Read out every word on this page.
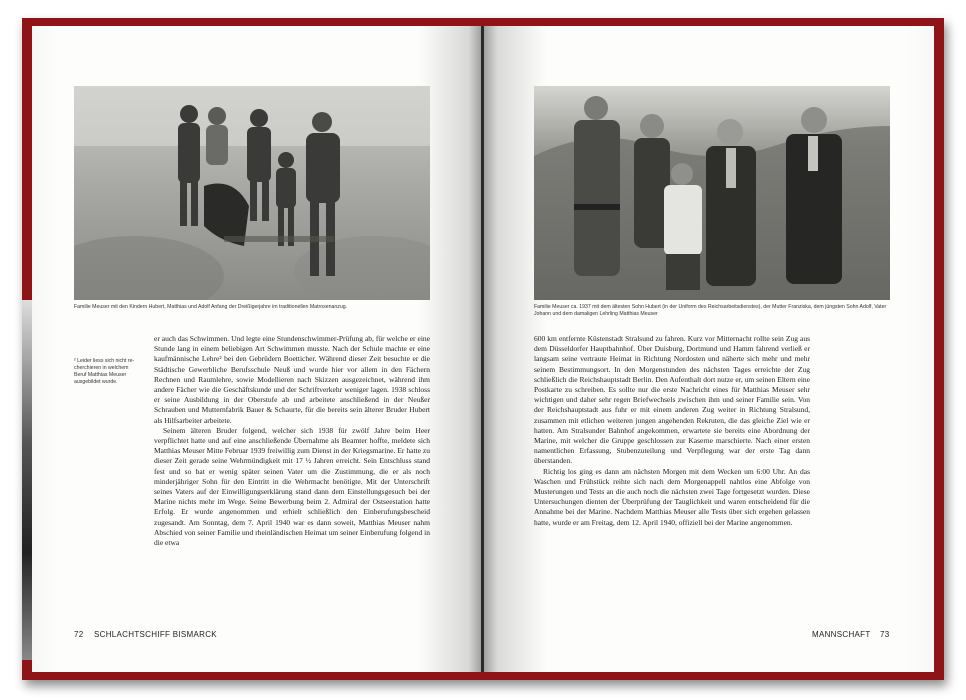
Familie Meuser mit den Kindern Hubert, Matthias und Adolf Anfang der Dreißigerjahre im traditionellen Matrosenanzug.
² Leider liess sich nicht re-cherchieren in welchem Beruf Matthias Meuser ausgebildet wurde.

er auch das Schwimmen. Und legte eine Stundenschwimmer-Prüfung ab, für welche er eine Stunde lang in einem beliebigen Art Schwimmen musste. Nach der Schule machte er eine kaufmännische Lehre² bei den Gebrüdern Boetticher. Während dieser Zeit besuchte er die Städtische Gewerbliche Berufsschule Neuß und wurde hier vor allem in den Fächern Rechnen und Raumlehre, sowie Modellieren nach Skizzen ausgezeichnet, während ihm andere Fächer wie die Geschäftskunde und der Schriftverkehr weniger lagen. 1938 schloss er seine Ausbildung in der Oberstufe ab und arbeitete anschließend in der Neußer Schrauben und Mutternfabrik Bauer & Schaurte, für die bereits sein älterer Bruder Hubert als Hilfsarbeiter arbeitete.

Seinem älteren Bruder folgend, welcher sich 1938 für zwölf Jahre beim Heer verpflichtet hatte und auf eine anschließende Übernahme als Beamter hoffte, meldete sich Matthias Meuser Mitte Februar 1939 freiwillig zum Dienst in der Kriegsmarine. Er hatte zu dieser Zeit gerade seine Wehrmündigkeit mit 17 ½ Jahren erreicht. Sein Entschluss stand fest und so bat er wenig später seinen Vater um die Zustimmung, die er als noch minderjähriger Sohn für den Eintritt in die Wehrmacht benötigte. Mit der Unterschrift seines Vaters auf der Einwilligungserklärung stand dann dem Einstellungsgesuch bei der Marine nichts mehr im Wege. Seine Bewerbung beim 2. Admiral der Ostseestation hatte Erfolg. Er wurde angenommen und erhielt schließlich den Einberufungsbescheid zugesandt. Am Sonntag, dem 7. April 1940 war es dann soweit, Matthias Meuser nahm Abschied von seiner Familie und rheinländischen Heimat um seiner Einberufung folgend in die etwa

72 SCHLACHTSCHIFF BISMARCK
Familie Meuser ca. 1937 mit dem ältesten Sohn Hubert (in der Uniform des Reichsarbeitsdienstes), der Mutter Franziska, dem jüngsten Sohn Adolf, Vater Johann und dem damaligen Lehrling Matthias Meuser

600 km entfernte Küstenstadt Stralsund zu fahren. Kurz vor Mitternacht rollte sein Zug aus dem Düsseldorfer Hauptbahnhof. Über Duisburg, Dortmund und Hamm fahrend verließ er langsam seine vertraute Heimat in Richtung Nordosten und näherte sich mehr und mehr seinem Bestimmungsort. In den Morgenstunden des nächsten Tages erreichte der Zug schließlich die Reichshauptstadt Berlin. Den Aufenthalt dort nutze er, um seinen Eltern eine Postkarte zu schreiben. Es sollte nur die erste Nachricht eines für Matthias Meuser sehr wichtigen und daher sehr regen Briefwechsels zwischen ihm und seiner Familie sein. Von der Reichshauptstadt aus fuhr er mit einem anderen Zug weiter in Richtung Stralsund, zusammen mit etlichen weiteren jungen angehenden Rekruten, die das gleiche Ziel wie er hatten. Am Stralsunder Bahnhof angekommen, erwartete sie bereits eine Abordnung der Marine, mit welcher die Gruppe geschlossen zur Kaserne marschierte. Nach einer ersten namentlichen Erfassung, Stubenzuteilung und Verpflegung war der erste Tag dann überstanden.

Richtig los ging es dann am nächsten Morgen mit dem Wecken um 6:00 Uhr. An das Waschen und Frühstück reihte sich nach dem Morgenappell nahtlos eine Abfolge von Musterungen und Tests an die auch noch die nächsten zwei Tage fortgesetzt wurden. Diese Untersuchungen dienten der Überprüfung der Tauglichkeit und waren entscheidend für die Annahme bei der Marine. Nachdem Matthias Meuser alle Tests über sich ergehen gelassen hatte, wurde er am Freitag, dem 12. April 1940, offiziell bei der Marine angenommen.

MANNSCHAFT 73
